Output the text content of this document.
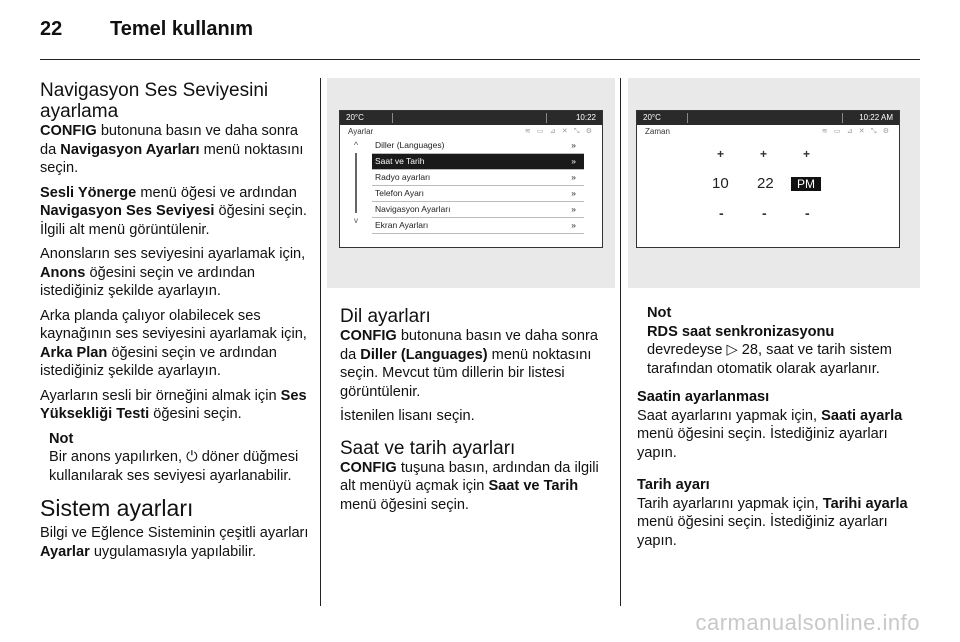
22 Temel kullanım
Navigasyon Ses Seviyesini ayarlama

CONFIG butonuna basın ve daha sonra da Navigasyon Ayarları menü noktasını seçin.

Sesli Yönerge menü öğesi ve ardından Navigasyon Ses Seviyesi öğesini seçin. İlgili alt menü görüntülenir.

Anonsların ses seviyesini ayarlamak için, Anons öğesini seçin ve ardından istediğiniz şekilde ayarlayın.

Arka planda çalıyor olabilecek ses kaynağının ses seviyesini ayarlamak için, Arka Plan öğesini seçin ve ardından istediğiniz şekilde ayarlayın.

Ayarların sesli bir örneğini almak için Ses Yüksekliği Testi öğesini seçin.

Not
Bir anons yapılırken, ⏻ döner düğmesi kullanılarak ses seviyesi ayarlanabilir.
Sistem ayarları

Bilgi ve Eğlence Sisteminin çeşitli ayarları Ayarlar uygulamasıyla yapılabilir.

20°C	10:22
Ayarlar	≋ ▭ ⊿ ✕ ⤡ ⚙
^
v
Diller (Languages)	»
Saat ve Tarih	»
Radyo ayarları	»
Telefon Ayarı	»
Navigasyon Ayarları	»
Ekran Ayarları	»
Dil ayarları

CONFIG butonuna basın ve daha sonra da Diller (Languages) menü noktasını seçin. Mevcut tüm dillerin bir listesi görüntülenir.

İstenilen lisanı seçin.

Saat ve tarih ayarları

CONFIG tuşuna basın, ardından da ilgili alt menüyü açmak için Saat ve Tarih menü öğesini seçin.

20°C	10:22 AM
Zaman	≋ ▭ ⊿ ✕ ⤡ ⚙
+	+	+
10 22	PM
-	-	-
Not
RDS saat senkronizasyonu
devredeyse ▷ 28, saat ve tarih sistem tarafından otomatik olarak ayarlanır.
Saatin ayarlanması

Saat ayarlarını yapmak için, Saati ayarla menü öğesini seçin. İstediğiniz ayarları yapın.

Tarih ayarı

Tarih ayarlarını yapmak için, Tarihi ayarla menü öğesini seçin. İstediğiniz ayarları yapın.

carmanualsonline.info
